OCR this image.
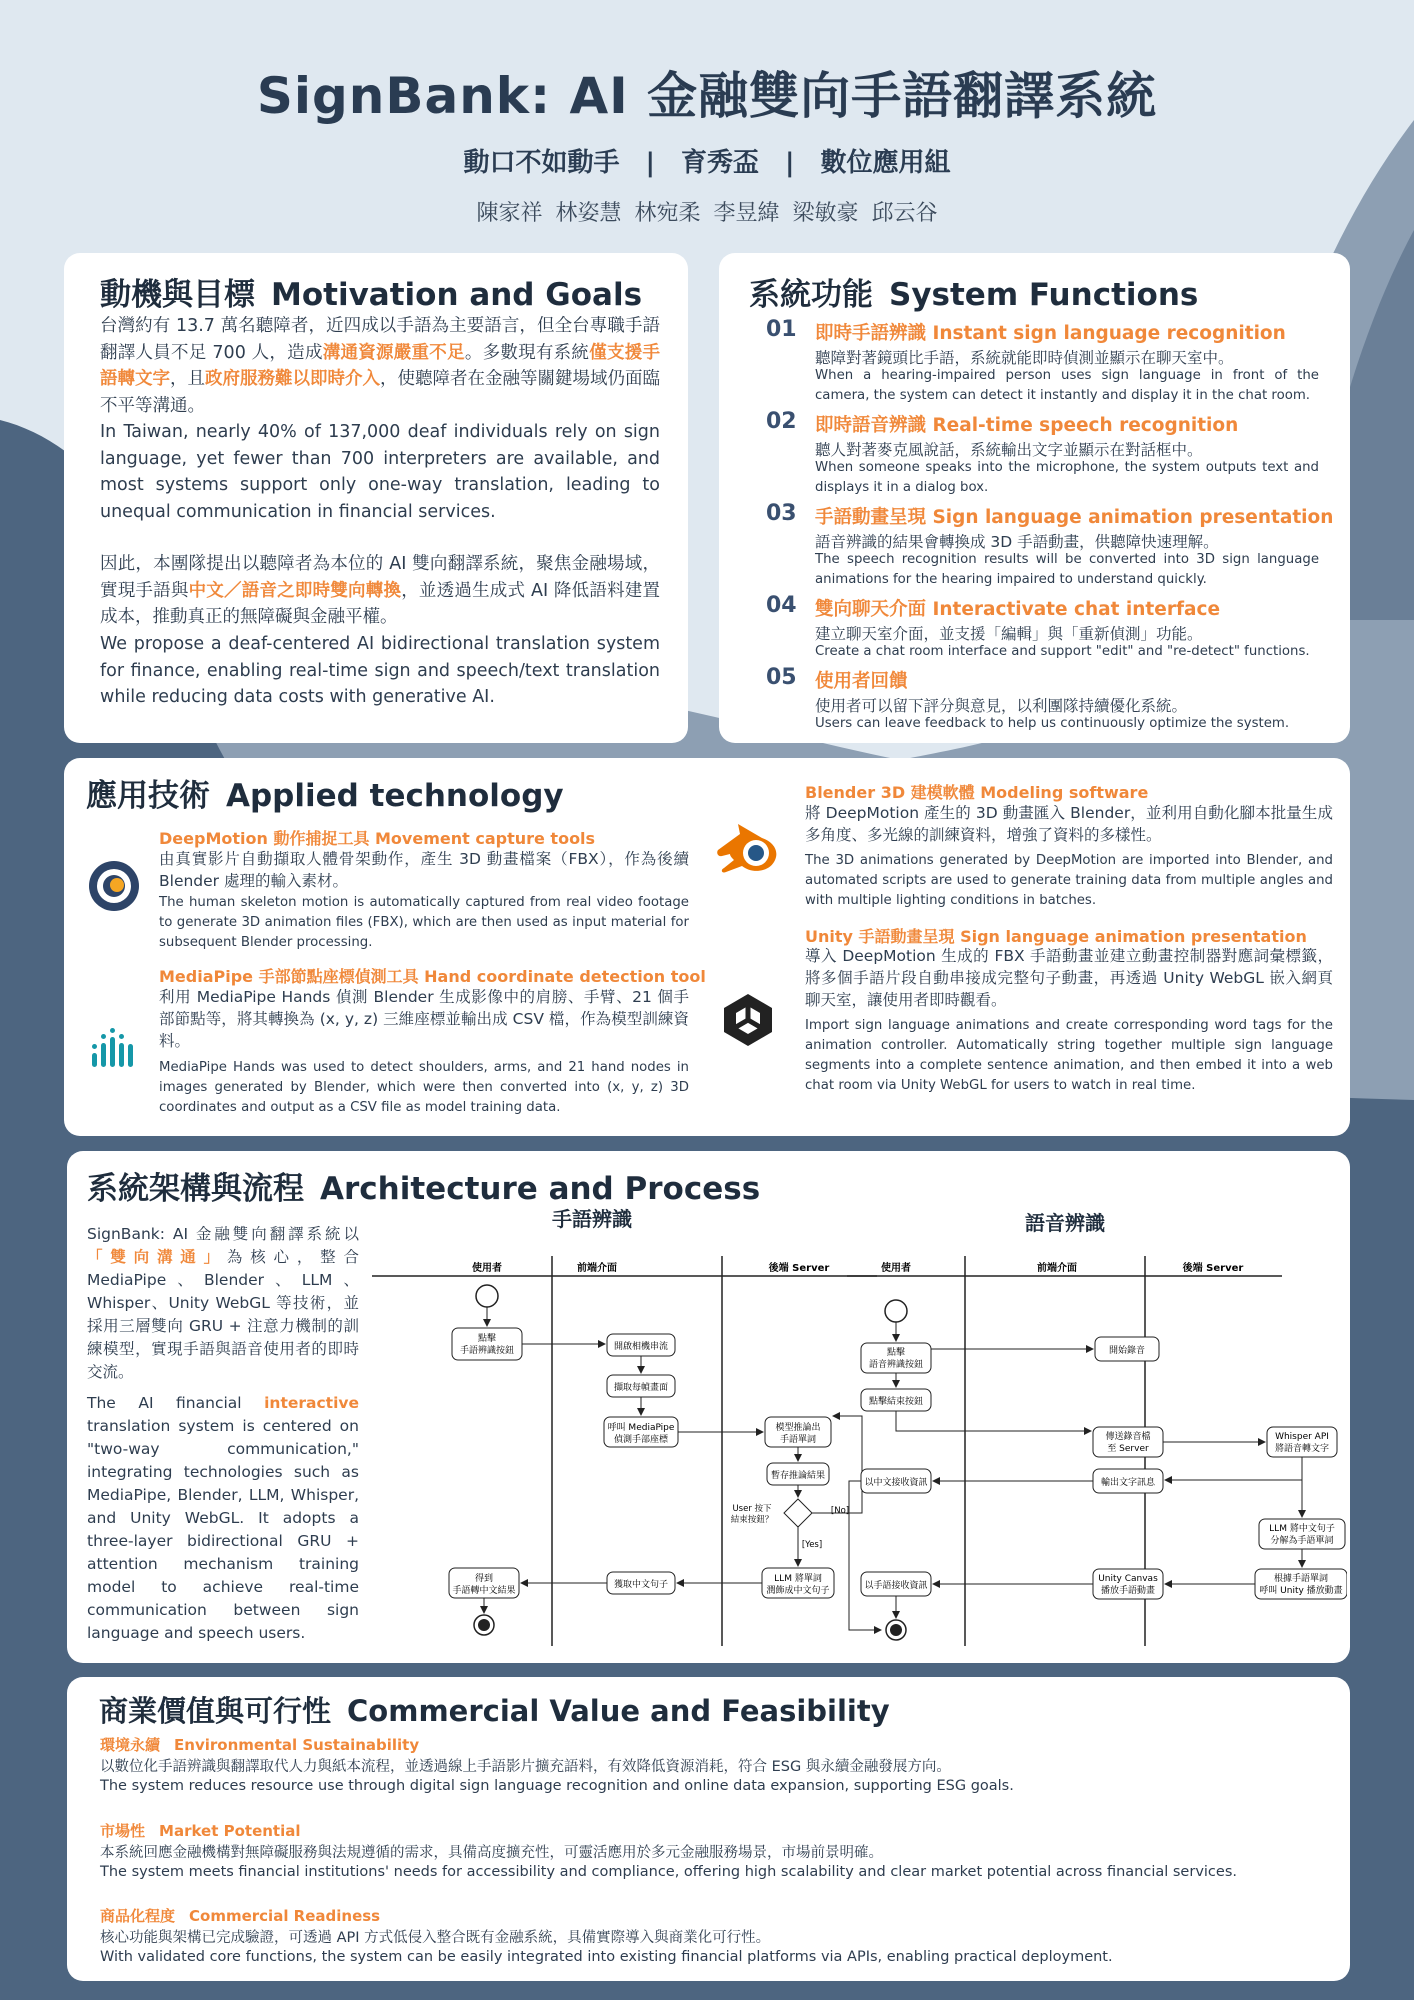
SignBank: AI 金融雙向手語翻譯系統
動口不如動手 | 育秀盃 | 數位應用組
陳家祥 林姿慧 林宛柔 李昱緯 梁敏豪 邱云谷
動機與目標 Motivation and Goals
台灣約有 13.7 萬名聽障者，近四成以手語為主要語言，但全台專職手語翻譯人員不足 700 人，造成溝通資源嚴重不足。多數現有系統僅支援手語轉文字，且政府服務難以即時介入，使聽障者在金融等關鍵場域仍面臨不平等溝通。
In Taiwan, nearly 40% of 137,000 deaf individuals rely on sign language, yet fewer than 700 interpreters are available, and most systems support only one-way translation, leading to unequal communication in financial services.
因此，本團隊提出以聽障者為本位的 AI 雙向翻譯系統，聚焦金融場域，實現手語與中文／語音之即時雙向轉換，並透過生成式 AI 降低語料建置成本，推動真正的無障礙與金融平權。
We propose a deaf-centered AI bidirectional translation system for finance, enabling real-time sign and speech/text translation while reducing data costs with generative AI.
系統功能 System Functions
01 即時手語辨識 Instant sign language recognition
聽障對著鏡頭比手語，系統就能即時偵測並顯示在聊天室中。
When a hearing-impaired person uses sign language in front of the camera, the system can detect it instantly and display it in the chat room.
02 即時語音辨識 Real-time speech recognition
聽人對著麥克風說話，系統輸出文字並顯示在對話框中。
When someone speaks into the microphone, the system outputs text and displays it in a dialog box.
03 手語動畫呈現 Sign language animation presentation
語音辨識的結果會轉換成 3D 手語動畫，供聽障快速理解。
The speech recognition results will be converted into 3D sign language animations for the hearing impaired to understand quickly.
04 雙向聊天介面 Interactivate chat interface
建立聊天室介面，並支援「編輯」與「重新偵測」功能。
Create a chat room interface and support "edit" and "re-detect" functions.
05 使用者回饋
使用者可以留下評分與意見，以利團隊持續優化系統。
Users can leave feedback to help us continuously optimize the system.
應用技術 Applied technology
DeepMotion 動作捕捉工具 Movement capture tools
由真實影片自動擷取人體骨架動作，產生 3D 動畫檔案（FBX），作為後續 Blender 處理的輸入素材。
The human skeleton motion is automatically captured from real video footage to generate 3D animation files (FBX), which are then used as input material for subsequent Blender processing.
MediaPipe 手部節點座標偵測工具 Hand coordinate detection tool
利用 MediaPipe Hands 偵測 Blender 生成影像中的肩膀、手臂、21 個手部節點等，將其轉換為 (x, y, z) 三維座標並輸出成 CSV 檔，作為模型訓練資料。
MediaPipe Hands was used to detect shoulders, arms, and 21 hand nodes in images generated by Blender, which were then converted into (x, y, z) 3D coordinates and output as a CSV file as model training data.
Blender 3D 建模軟體 Modeling software
將 DeepMotion 產生的 3D 動畫匯入 Blender，並利用自動化腳本批量生成多角度、多光線的訓練資料，增強了資料的多樣性。
The 3D animations generated by DeepMotion are imported into Blender, and automated scripts are used to generate training data from multiple angles and with multiple lighting conditions in batches.
Unity 手語動畫呈現 Sign language animation presentation
導入 DeepMotion 生成的 FBX 手語動畫並建立動畫控制器對應詞彙標籤，將多個手語片段自動串接成完整句子動畫，再透過 Unity WebGL 嵌入網頁聊天室，讓使用者即時觀看。
Import sign language animations and create corresponding word tags for the animation controller. Automatically string together multiple sign language segments into a complete sentence animation, and then embed it into a web chat room via Unity WebGL for users to watch in real time.
系統架構與流程 Architecture and Process
SignBank: AI 金融雙向翻譯系統以「雙向溝通」為核心，整合 MediaPipe、Blender、LLM、Whisper、Unity WebGL 等技術，並採用三層雙向 GRU + 注意力機制的訓練模型，實現手語與語音使用者的即時交流。
The AI financial interactive translation system is centered on "two-way communication," integrating technologies such as MediaPipe, Blender, LLM, Whisper, and Unity WebGL. It adopts a three-layer bidirectional GRU + attention mechanism training model to achieve real-time communication between sign language and speech users.
手語辨識	語音辨識
使用者	前端介面	後端 Server
點擊
手語辨識按鈕	開啟相機串流
擷取每幀畫面
呼叫 MediaPipe
偵測手部座標
模型推論出
手語單詞
暫存推論結果
User 按下
結束按鈕？
[No]
[Yes]
LLM 將單詞
潤飾成中文句子
獲取中文句子
得到
手語轉中文結果
使用者	前端介面	後端 Server
點擊
語音辨識按鈕
開始錄音
點擊結束按鈕
傳送錄音檔
至 Server
Whisper API
將語音轉文字
輸出文字訊息
以中文接收資訊
LLM 將中文句子
分解為手語單詞
根據手語單詞
呼叫 Unity 播放動畫
Unity Canvas
播放手語動畫
以手語接收資訊
商業價值與可行性 Commercial Value and Feasibility
環境永續 Environmental Sustainability
以數位化手語辨識與翻譯取代人力與紙本流程，並透過線上手語影片擴充語料，有效降低資源消耗，符合 ESG 與永續金融發展方向。
The system reduces resource use through digital sign language recognition and online data expansion, supporting ESG goals.
市場性 Market Potential
本系統回應金融機構對無障礙服務與法規遵循的需求，具備高度擴充性，可靈活應用於多元金融服務場景，市場前景明確。
The system meets financial institutions' needs for accessibility and compliance, offering high scalability and clear market potential across financial services.
商品化程度 Commercial Readiness
核心功能與架構已完成驗證，可透過 API 方式低侵入整合既有金融系統，具備實際導入與商業化可行性。
With validated core functions, the system can be easily integrated into existing financial platforms via APIs, enabling practical deployment.
